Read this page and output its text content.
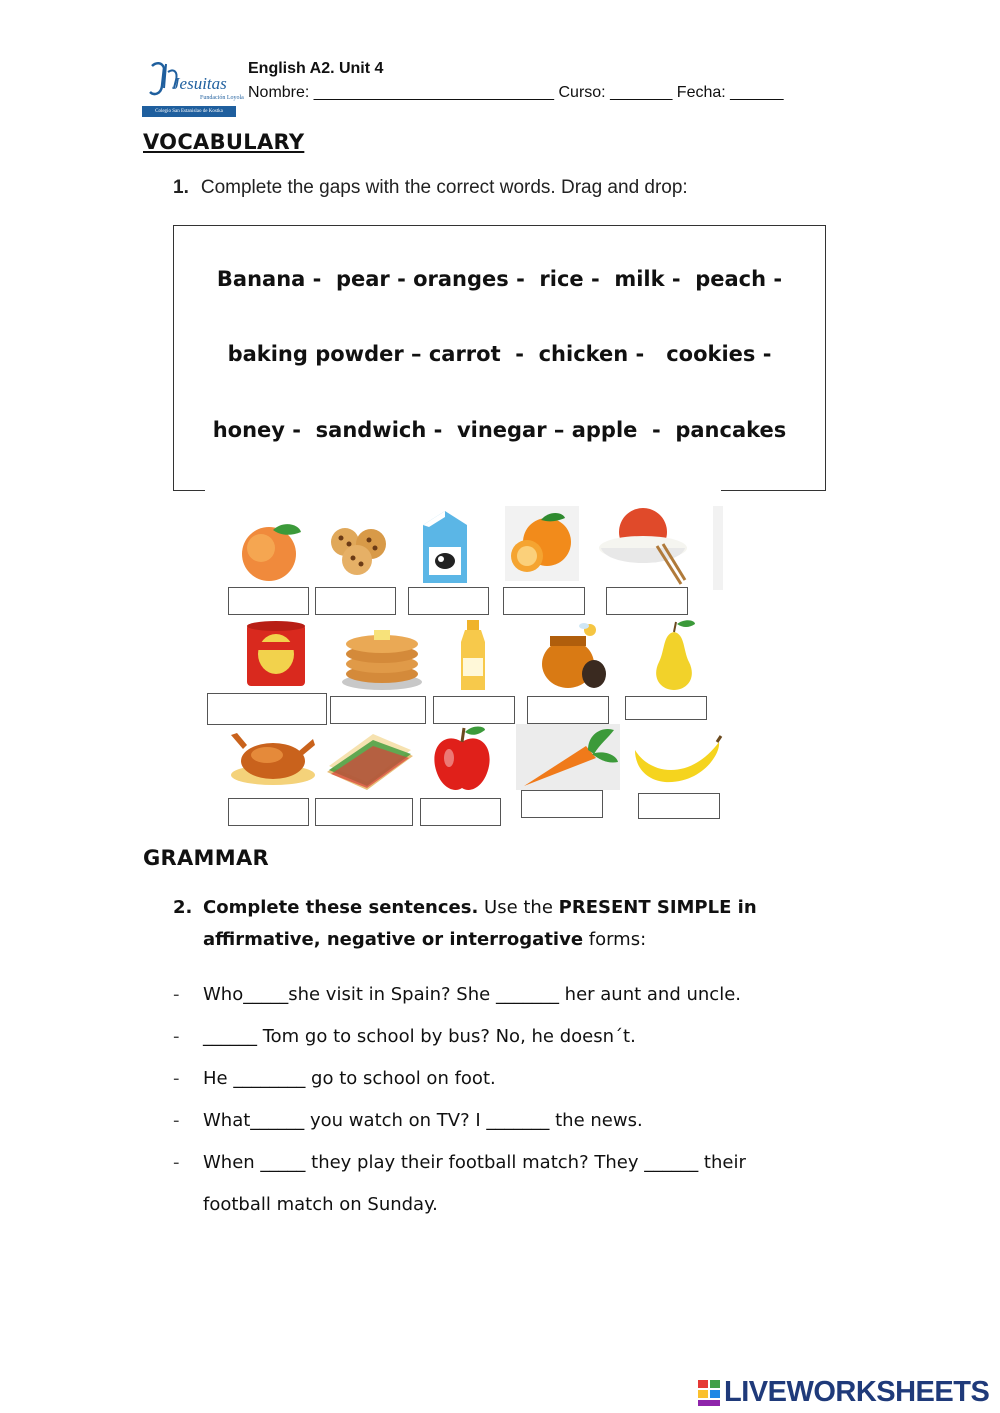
Jesuitas
Fundación Loyola
Colegio San Estanislao de Kostka
English A2. Unit 4
Nombre: ___________________________ Curso: _______ Fecha: ______
VOCABULARY
1. Complete the gaps with the correct words. Drag and drop:
Banana -  pear - oranges -  rice -  milk -  peach -
baking powder – carrot  -  chicken -   cookies -
honey -  sandwich -  vinegar – apple  -  pancakes
GRAMMAR
2. Complete these sentences. Use the PRESENT SIMPLE in affirmative, negative or interrogative forms:
- Who_____she visit in Spain? She _______ her aunt and uncle.
- ______ Tom go to school by bus? No, he doesn´t.
- He ________ go to school on foot.
- What______ you watch on TV? I _______ the news.
- When _____ they play their football match? They ______ their
football match on Sunday.
LIVEWORKSHEETS
